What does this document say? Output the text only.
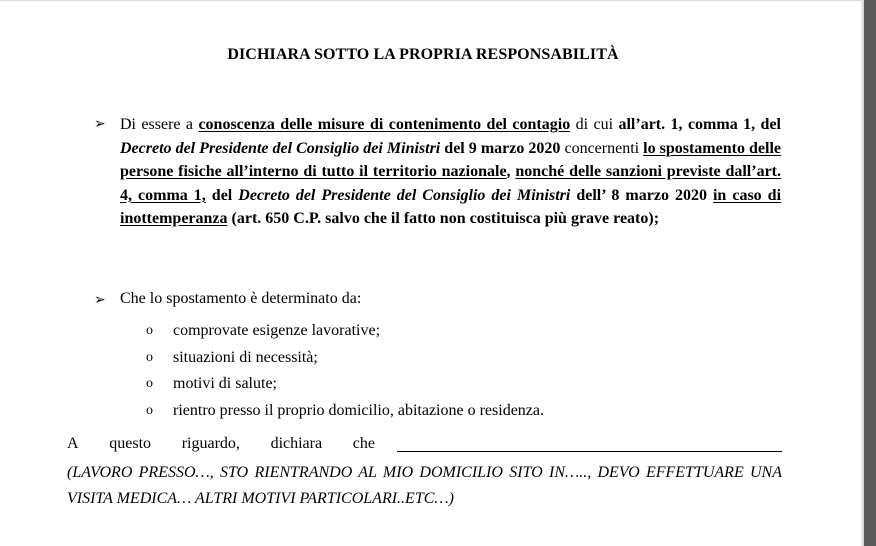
DICHIARA SOTTO LA PROPRIA RESPONSABILITÀ
➢ Di essere a conoscenza delle misure di contenimento del contagio di cui all’art. 1, comma 1, del Decreto del Presidente del Consiglio dei Ministri del 9 marzo 2020 concernenti lo spostamento delle persone fisiche all’interno di tutto il territorio nazionale, nonché delle sanzioni previste dall’art. 4, comma 1, del Decreto del Presidente del Consiglio dei Ministri dell’ 8 marzo 2020 in caso di inottemperanza (art. 650 C.P. salvo che il fatto non costituisca più grave reato);
➢ Che lo spostamento è determinato da:
o comprovate esigenze lavorative;
o situazioni di necessità;
o motivi di salute;
o rientro presso il proprio domicilio, abitazione o residenza.
A questo riguardo, dichiara che
(LAVORO PRESSO…, STO RIENTRANDO AL MIO DOMICILIO SITO IN….., DEVO EFFETTUARE UNA VISITA MEDICA… ALTRI MOTIVI PARTICOLARI..ETC…)
